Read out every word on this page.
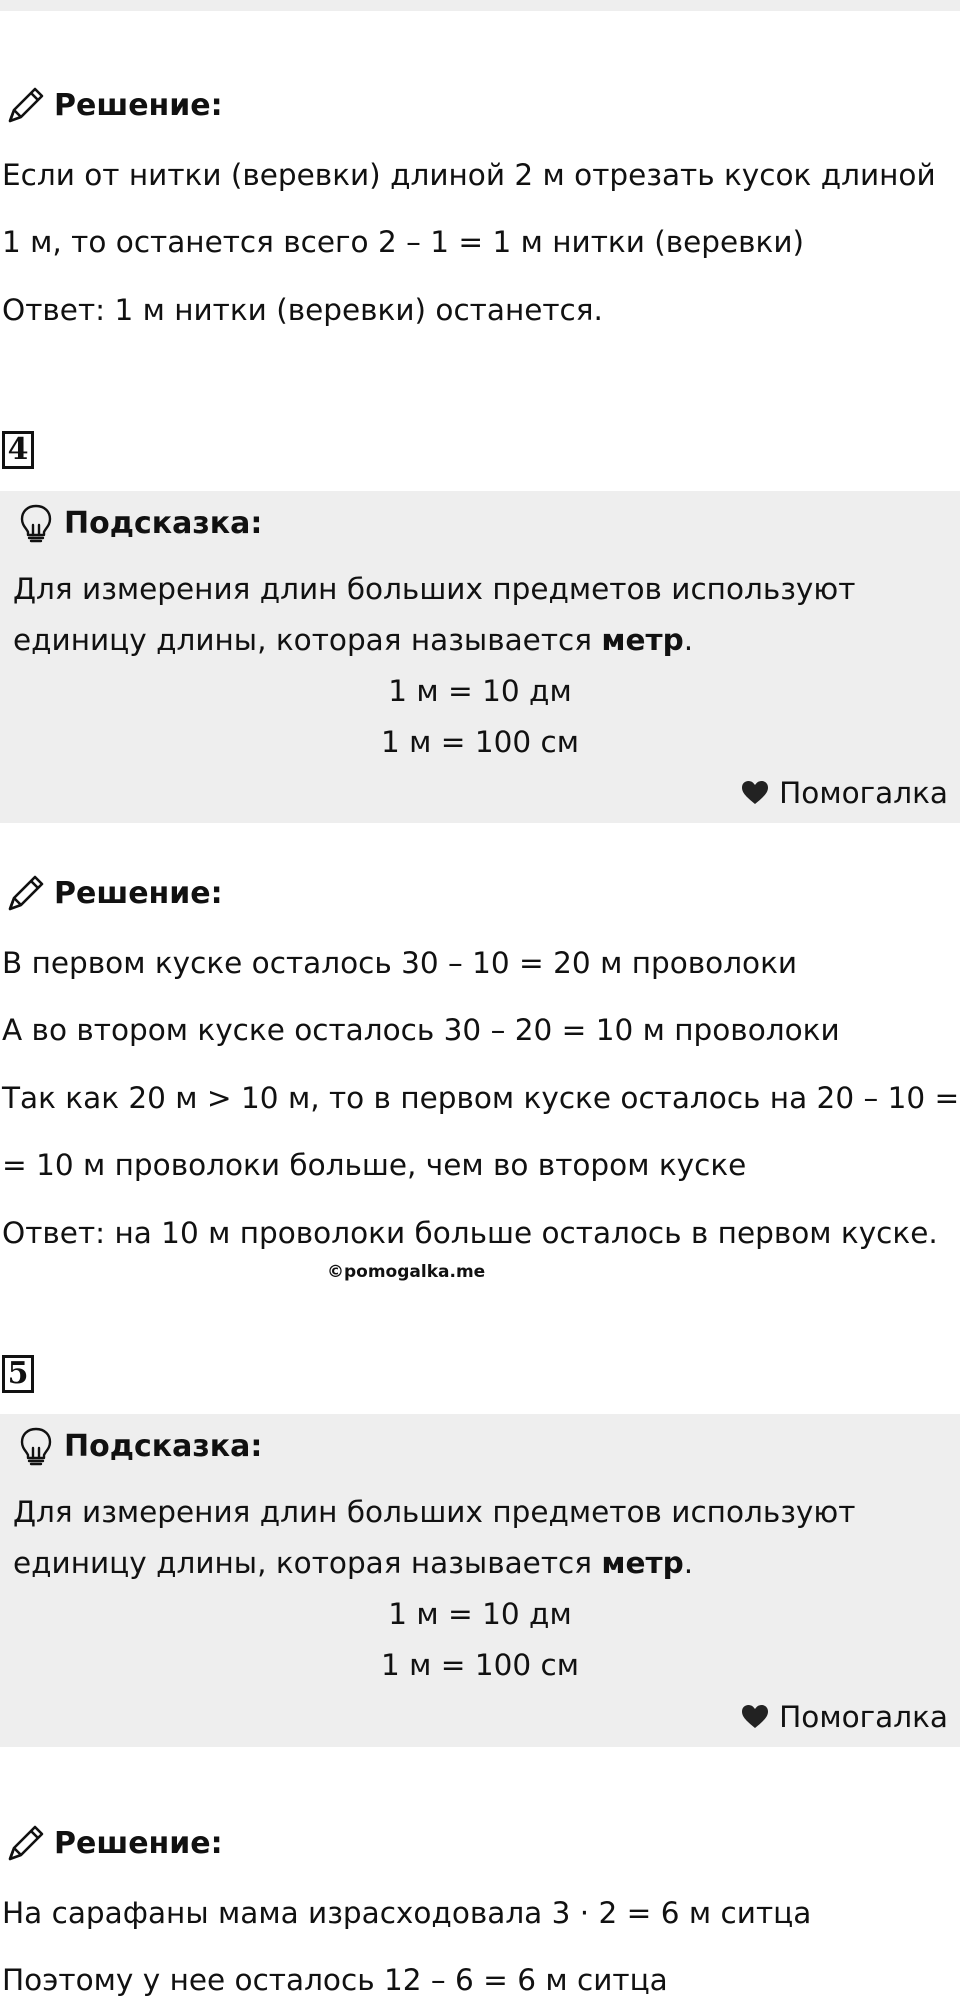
Решение:
Если от нитки (веревки) длиной 2 м отрезать кусок длиной
1 м, то останется всего 2 – 1 = 1 м нитки (веревки)
Ответ: 1 м нитки (веревки) останется.
4
Подсказка:
Для измерения длин больших предметов используют
единицу длины, которая называется метр.
1 м = 10 дм
1 м = 100 см
Помогалка
Решение:
В первом куске осталось 30 – 10 = 20 м проволоки
А во втором куске осталось 30 – 20 = 10 м проволоки
Так как 20 м > 10 м, то в первом куске осталось на 20 – 10 =
= 10 м проволоки больше, чем во втором куске
Ответ: на 10 м проволоки больше осталось в первом куске.
©pomogalka.me
5
Подсказка:
Для измерения длин больших предметов используют
единицу длины, которая называется метр.
1 м = 10 дм
1 м = 100 см
Помогалка
Решение:
На сарафаны мама израсходовала 3 · 2 = 6 м ситца
Поэтому у нее осталось 12 – 6 = 6 м ситца
